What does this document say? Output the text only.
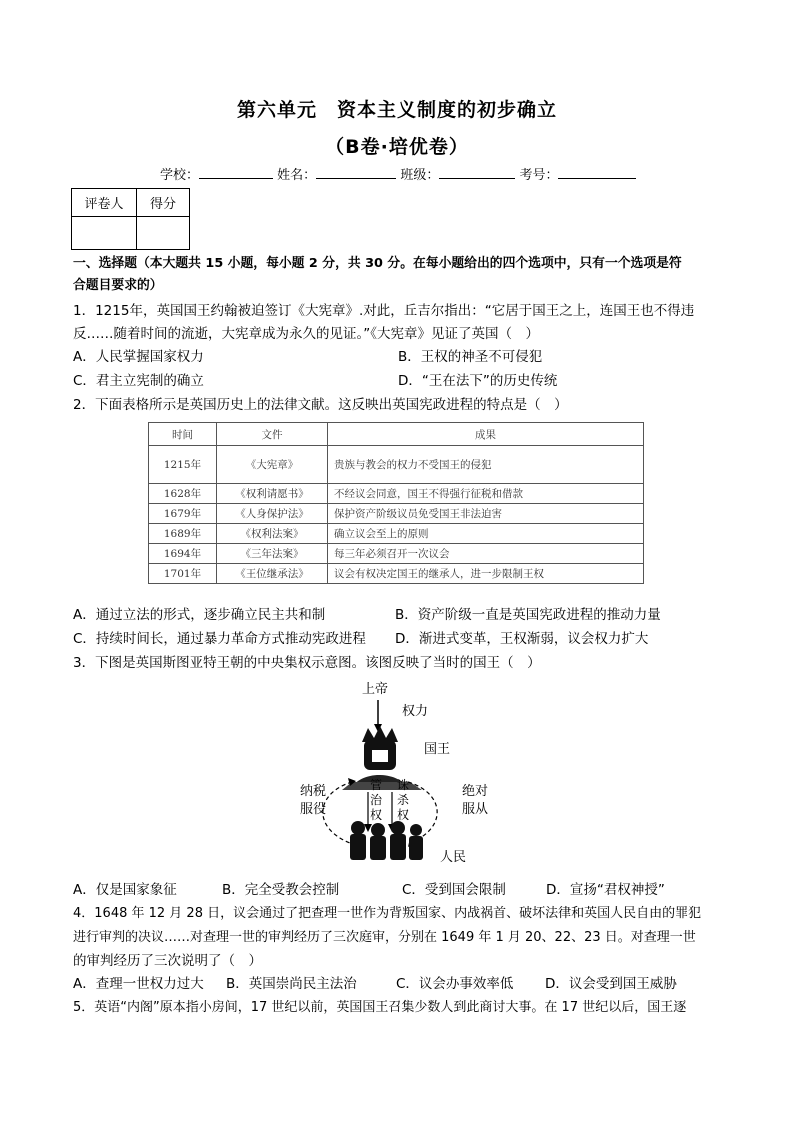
第六单元　资本主义制度的初步确立
（B卷·培优卷）
学校：	姓名：	班级：	考号：
评卷人	得分

一、选择题（本大题共 15 小题，每小题 2 分，共 30 分。在每小题给出的四个选项中，只有一个选项是符
合题目要求的）
1．1215年，英国国王约翰被迫签订《大宪章》.对此，丘吉尔指出：“它居于国王之上，连国王也不得违
反……随着时间的流逝，大宪章成为永久的见证。”《大宪章》见证了英国（　）
A．人民掌握国家权力	B．王权的神圣不可侵犯
C．君主立宪制的确立	D．“王在法下”的历史传统
2．下面表格所示是英国历史上的法律文献。这反映出英国宪政进程的特点是（　）
时间	文件	成果
1215年	《大宪章》	贵族与教会的权力不受国王的侵犯
1628年	《权利请愿书》	不经议会同意，国王不得强行征税和借款
1679年	《人身保护法》	保护资产阶级议员免受国王非法迫害
1689年	《权利法案》	确立议会至上的原则
1694年	《三年法案》	每三年必须召开一次议会
1701年	《王位继承法》	议会有权决定国王的继承人，进一步限制王权
A．通过立法的形式，逐步确立民主共和制	B．资产阶级一直是英国宪政进程的推动力量
C．持续时间长，通过暴力革命方式推动宪政进程 D．渐进式变革，王权渐弱，议会权力扩大
3．下图是英国斯图亚特王朝的中央集权示意图。该图反映了当时的国王（　）
上帝
权力
国王
纳税
服役
绝对
服从
管治权
诛杀权
人民
A．仅是国家象征	B．完全受教会控制	C．受到国会限制	D．宣扬“君权神授”
4．1648 年 12 月 28 日，议会通过了把查理一世作为背叛国家、内战祸首、破坏法律和英国人民自由的罪犯
进行审判的决议……对查理一世的审判经历了三次庭审，分别在 1649 年 1 月 20、22、23 日。对查理一世
的审判经历了三次说明了（　）
A．查理一世权力过大 B．英国崇尚民主法治	C．议会办事效率低 D．议会受到国王威胁
5．英语“内阁”原本指小房间，17 世纪以前，英国国王召集少数人到此商讨大事。在 17 世纪以后，国王逐
